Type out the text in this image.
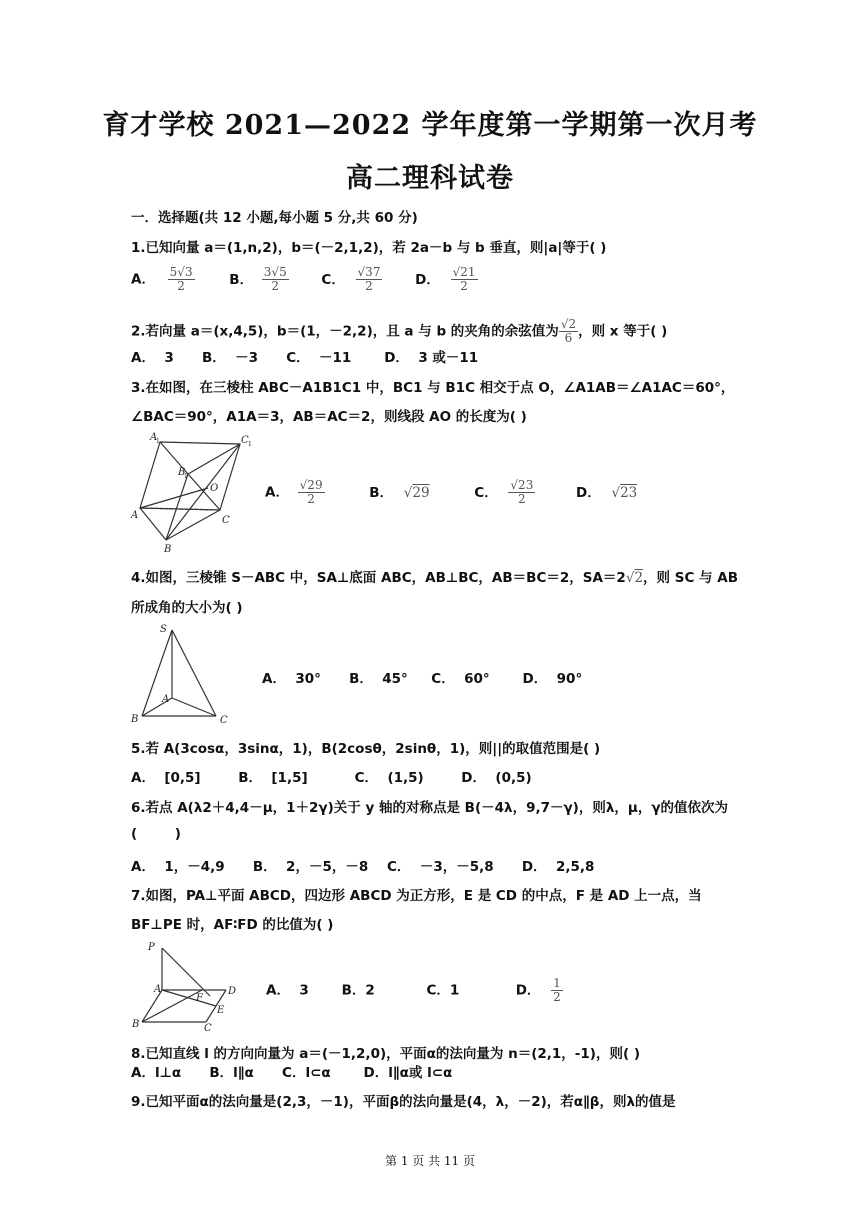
育才学校 2021—2022 学年度第一学期第一次月考
高二理科试卷
一．选择题(共 12 小题,每小题 5 分,共 60 分)
1.已知向量 a＝(1,n,2)，b＝(－2,1,2)，若 2a－b 与 b 垂直，则|a|等于( )
A． $\frac{5√3}{2}$	B． $\frac{3√5}{2}$ C． $\frac{√37}{2}$ D． $\frac{√21}{2}$
2.若向量 a＝(x,4,5)，b＝(1，－2,2)，且 a 与 b 的夹角的余弦值为 $\frac{√2}{6}$ ，则 x 等于( )
A．  3      B．  －3      C．  －11       D．  3 或－11
3.在如图，在三棱柱 ABC－A1B1C1 中，BC1 与 B1C 相交于点 O，∠A1AB＝∠A1AC＝60°，
∠BAC＝90°，A1A＝3，AB＝AC＝2，则线段 AO 的长度为( )
A
1	C 1
B
1
O
A	C
B
A． $\frac{√29}{2}$	B． √29	C． $\frac{√23}{2}$	D． √23
4.如图，三棱锥 S－ABC 中，SA⊥底面 ABC，AB⊥BC，AB＝BC＝2，SA＝2√2，则 SC 与 AB
所成角的大小为( )
S
A
B	C
A．  30°      B．  45°     C．  60°       D．  90°
5.若 A(3cosα，3sinα，1)，B(2cosθ，2sinθ，1)，则||的取值范围是( )
A．  [0,5]        B．  [1,5]          C．  (1,5)        D．  (0,5)
6.若点 A(λ2＋4,4－μ，1＋2γ)关于 y 轴的对称点是 B(－4λ，9,7－γ)，则λ，μ，γ的值依次为
(        )
A．  1，－4,9      B．  2，－5，－8    C．  －3，－5,8      D．  2,5,8
7.如图，PA⊥平面 ABCD，四边形 ABCD 为正方形，E 是 CD 的中点，F 是 AD 上一点，当
BF⊥PE 时，AF∶FD 的比值为( )
P
A	D
F
E
B	C
A．  3       B．2           C．1            D． $\frac{1}{2}$
8.已知直线 l 的方向向量为 a＝(－1,2,0)，平面α的法向量为 n＝(2,1，-1)，则( )
A．l⊥α      B．l∥α      C．l⊂α       D．l∥α或 l⊂α
9.已知平面α的法向量是(2,3，－1)，平面β的法向量是(4，λ，－2)，若α∥β，则λ的值是
第 1 页 共 11 页
